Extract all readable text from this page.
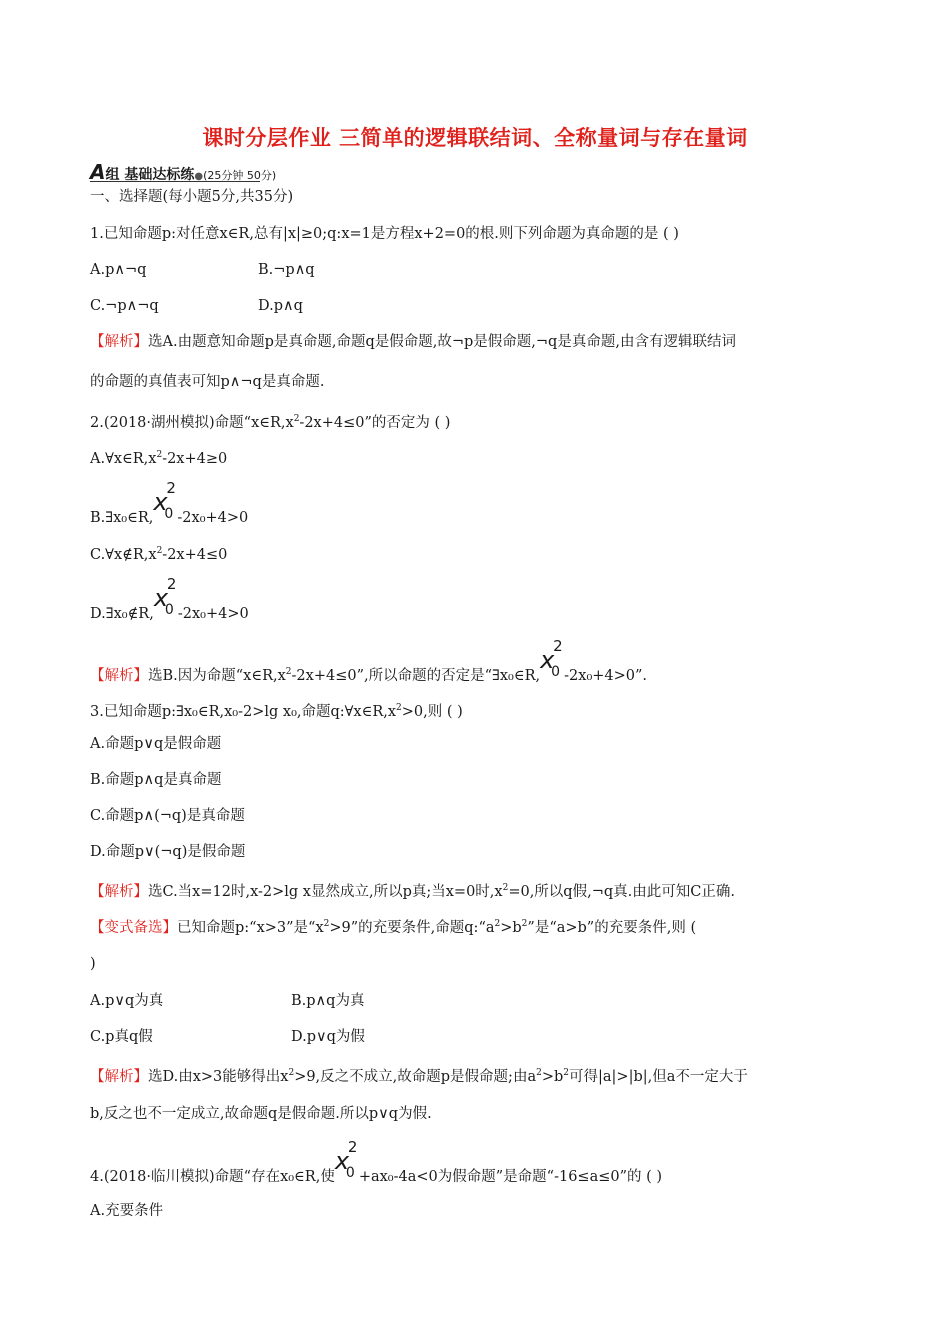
课时分层作业 三简单的逻辑联结词、全称量词与存在量词
A组 基础达标练●(25分钟 50分)
一、选择题(每小题5分,共35分)
1.已知命题p:对任意x∈R,总有|x|≥0;q:x=1是方程x+2=0的根.则下列命题为真命题的是 ( )
A.p∧¬q	B.¬p∧q
C.¬p∧¬q	D.p∧q
【解析】选A.由题意知命题p是真命题,命题q是假命题,故¬p是假命题,¬q是真命题,由含有逻辑联结词
的命题的真值表可知p∧¬q是真命题.
2.(2018·湖州模拟)命题“$x\in R,x^2-2x+4\le 0$”的否定为 ( )
$A.\forall x\in R,x^2-2x+4\ge 0$
B.∃x₀∈R,
x
2
0 -2x₀+4>0
$C.\forall x\notin R,x^2-2x+4\le 0$
D.∃x₀∉R,
x
2
0 -2x₀+4>0
【解析】选B.因为命题“$x\in R,x^2-2x+4\le 0$”,所以命题的否定是“∃x₀∈R,
x
2
0 -2x₀+4>0”.
3.已知命题p:∃x₀∈R,x₀-2>lg x₀,命题$q:\forall x\in R,x^2>0$,则 ( )
A.命题p∨q是假命题
B.命题p∧q是真命题
C.命题p∧(¬q)是真命题
D.命题p∨(¬q)是假命题
【解析】选C.当x=12时,x-2>lg x显然成立,所以p真;当x=0时$,x^2=0$,所以q假,¬q真.由此可知C正确.
【变式备选】已知命题p:“x>3”是“$x^2>9$”的充要条件,命题$q:“a^2>b^2$”是“a>b”的充要条件,则 (
)
A.p∨q为真	B.p∧q为真
C.p真q假	D.p∨q为假
【解析】选D.由x>3能够得出$x^2>9$,反之不成立,故命题p是假命题;由$a^2>b^2$可得|a|>|b|,但a不一定大于
b,反之也不一定成立,故命题q是假命题.所以p∨q为假.
4.(2018·临川模拟)命题“存在x₀∈R,使
x
2
0 +ax₀-4a<0为假命题”是命题“-16≤a≤0”的 ( )
A.充要条件
